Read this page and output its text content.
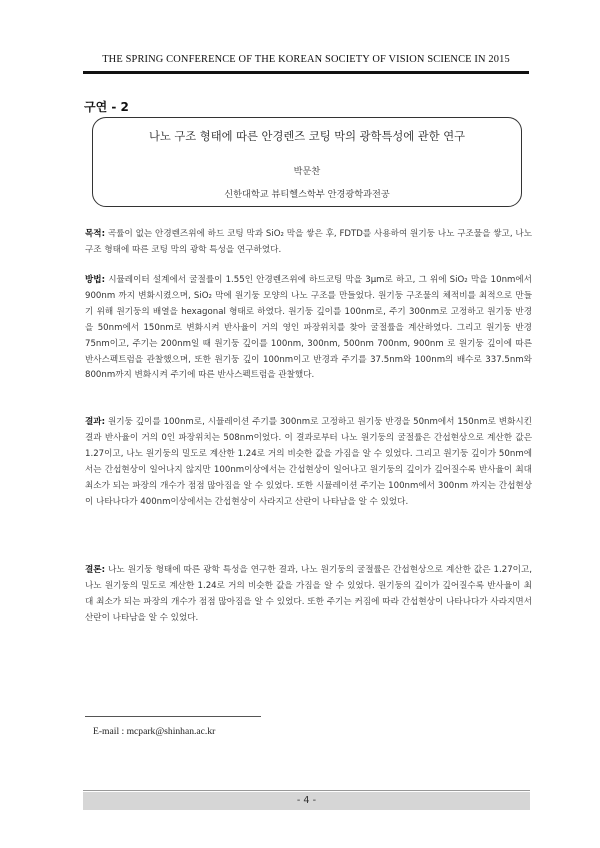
THE SPRING CONFERENCE OF THE KOREAN SOCIETY OF VISION SCIENCE IN 2015
구연 - 2
나노 구조 형태에 따른 안경렌즈 코팅 막의 광학특성에 관한 연구
박문찬
신한대학교 뷰티헬스학부 안경광학과전공
목적: 곡률이 없는 안경렌즈위에 하드 코팅 막과 SiO₂ 막을 쌓은 후, FDTD를 사용하여 원기둥 나노 구조물을 쌓고, 나노 구조 형태에 따른 코팅 막의 광학 특성을 연구하였다.
방법: 시뮬레이터 설계에서 굴절률이 1.55인 안경렌즈위에 하드코팅 막을 3μm로 하고, 그 위에 SiO₂ 막을 10nm에서 900nm 까지 변화시켰으며, SiO₂ 막에 원기둥 모양의 나노 구조를 만들었다. 원기둥 구조물의 체적비를 최적으로 만들기 위해 원기둥의 배열을 hexagonal 형태로 하였다. 원기둥 깊이를 100nm로, 주기 300nm로 고정하고 원기둥 반경을 50nm에서 150nm로 변화시켜 반사율이 거의 영인 파장위치를 찾아 굴절률을 계산하였다. 그리고 원기둥 반경 75nm이고, 주기는 200nm일 때 원기둥 깊이를 100nm, 300nm, 500nm 700nm, 900nm 로 원기둥 깊이에 따른 반사스펙트럼을 관찰했으며, 또한 원기둥 깊이 100nm이고 반경과 주기를 37.5nm와 100nm의 배수로 337.5nm와 800nm까지 변화시켜 주기에 따른 반사스펙트럼을 관찰했다.
결과: 원기둥 깊이를 100nm로, 시뮬레이션 주기를 300nm로 고정하고 원기둥 반경을 50nm에서 150nm로 변화시킨 결과 반사율이 거의 0인 파장위치는 508nm이었다. 이 결과로부터 나노 원기둥의 굴절률은 간섭현상으로 계산한 값은 1.27이고, 나노 원기둥의 밀도로 계산한 1.24로 거의 비슷한 값을 가짐을 알 수 있었다. 그리고 원기둥 깊이가 50nm에서는 간섭현상이 일어나지 않지만 100nm이상에서는 간섭현상이 일어나고 원기둥의 깊이가 깊어질수록 반사율이 최대 최소가 되는 파장의 개수가 점점 많아짐을 알 수 있었다. 또한 시뮬레이션 주기는 100nm에서 300nm 까지는 간섭현상이 나타나다가 400nm이상에서는 간섭현상이 사라지고 산란이 나타남을 알 수 있었다.
결론: 나노 원기둥 형태에 따른 광학 특성을 연구한 결과, 나노 원기둥의 굴절률은 간섭현상으로 계산한 값은 1.27이고, 나노 원기둥의 밀도로 계산한 1.24로 거의 비슷한 값을 가짐을 알 수 있었다. 원기둥의 깊이가 깊어질수록 반사율이 최대 최소가 되는 파장의 개수가 점점 많아짐을 알 수 있었다. 또한 주기는 커짐에 따라 간섭현상이 나타나다가 사라지면서 산란이 나타남을 알 수 있었다.
E-mail : mcpark@shinhan.ac.kr
- 4 -
